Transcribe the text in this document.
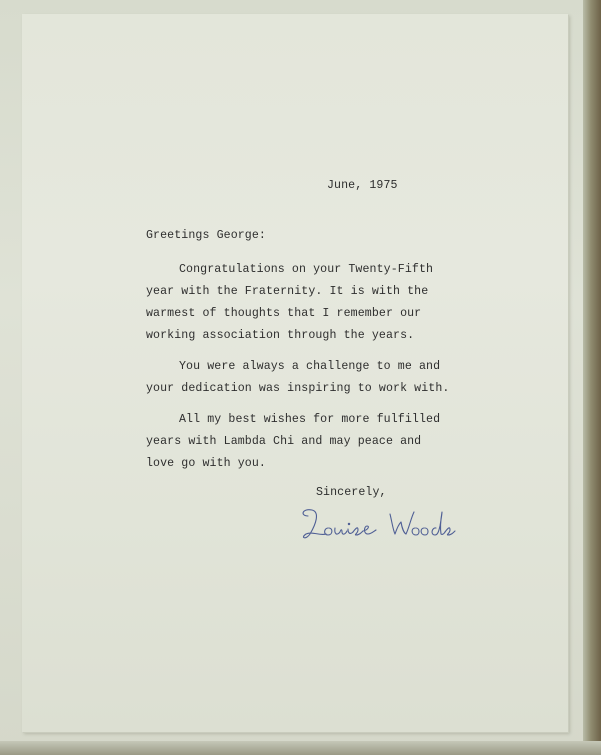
June, 1975

Greetings George:

Congratulations on your Twenty-Fifth

year with the Fraternity. It is with the

warmest of thoughts that I remember our

working association through the years.

You were always a challenge to me and

your dedication was inspiring to work with.

All my best wishes for more fulfilled

years with Lambda Chi and may peace and

love go with you.

Sincerely,
